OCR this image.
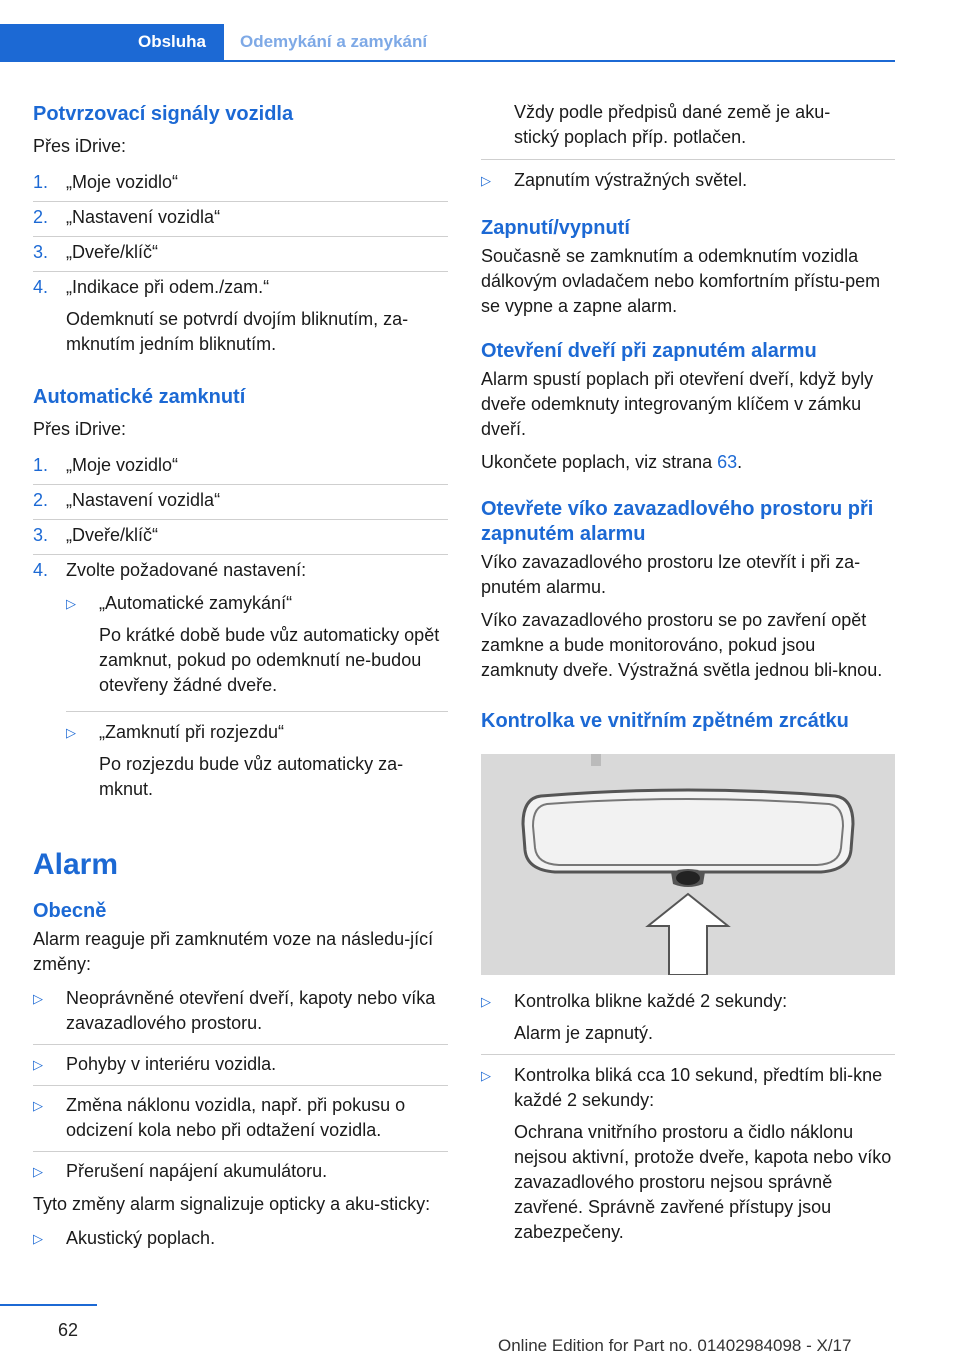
Obsluha	Odemykání a zamykání
Potvrzovací signály vozidla

Přes iDrive:

1. „Moje vozidlo“
2. „Nastavení vozidla“
3. „Dveře/klíč“
4. „Indikace při odem./zam.“
Odemknutí se potvrdí dvojím bliknutím, za-mknutím jedním bliknutím.
Automatické zamknutí

Přes iDrive:

1. „Moje vozidlo“
2. „Nastavení vozidla“
3. „Dveře/klíč“
4. Zvolte požadované nastavení:
▷ „Automatické zamykání“
Po krátké době bude vůz automaticky opět zamknut, pokud po odemknutí ne-budou otevřeny žádné dveře.
▷ „Zamknutí při rozjezdu“
Po rozjezdu bude vůz automaticky za-mknut.
Alarm
Obecně

Alarm reaguje při zamknutém voze na následu-jící změny:

▷ Neoprávněné otevření dveří, kapoty nebo víka zavazadlového prostoru.
▷ Pohyby v interiéru vozidla.
▷ Změna náklonu vozidla, např. při pokusu o odcizení kola nebo při odtažení vozidla.
▷ Přerušení napájení akumulátoru.

Tyto změny alarm signalizuje opticky a aku-sticky:

▷ Akustický poplach.
Vždy podle předpisů dané země je aku-stický poplach příp. potlačen.
▷ Zapnutím výstražných světel.
Zapnutí/vypnutí

Současně se zamknutím a odemknutím vozidla dálkovým ovladačem nebo komfortním přístu-pem se vypne a zapne alarm.

Otevření dveří při zapnutém alarmu

Alarm spustí poplach při otevření dveří, když byly dveře odemknuty integrovaným klíčem v zámku dveří.

Ukončete poplach, viz strana 63.

Otevřete víko zavazadlového prostoru při zapnutém alarmu

Víko zavazadlového prostoru lze otevřít i při za-pnutém alarmu.

Víko zavazadlového prostoru se po zavření opět zamkne a bude monitorováno, pokud jsou zamknuty dveře. Výstražná světla jednou bli-knou.

Kontrolka ve vnitřním zpětném zrcátku
▷ Kontrolka blikne každé 2 sekundy:
Alarm je zapnutý.
▷ Kontrolka bliká cca 10 sekund, předtím bli-kne každé 2 sekundy:
Ochrana vnitřního prostoru a čidlo náklonu nejsou aktivní, protože dveře, kapota nebo víko zavazadlového prostoru nejsou správně zavřené. Správně zavřené přístupy jsou zabezpečeny.
62
Online Edition for Part no. 01402984098 - X/17
